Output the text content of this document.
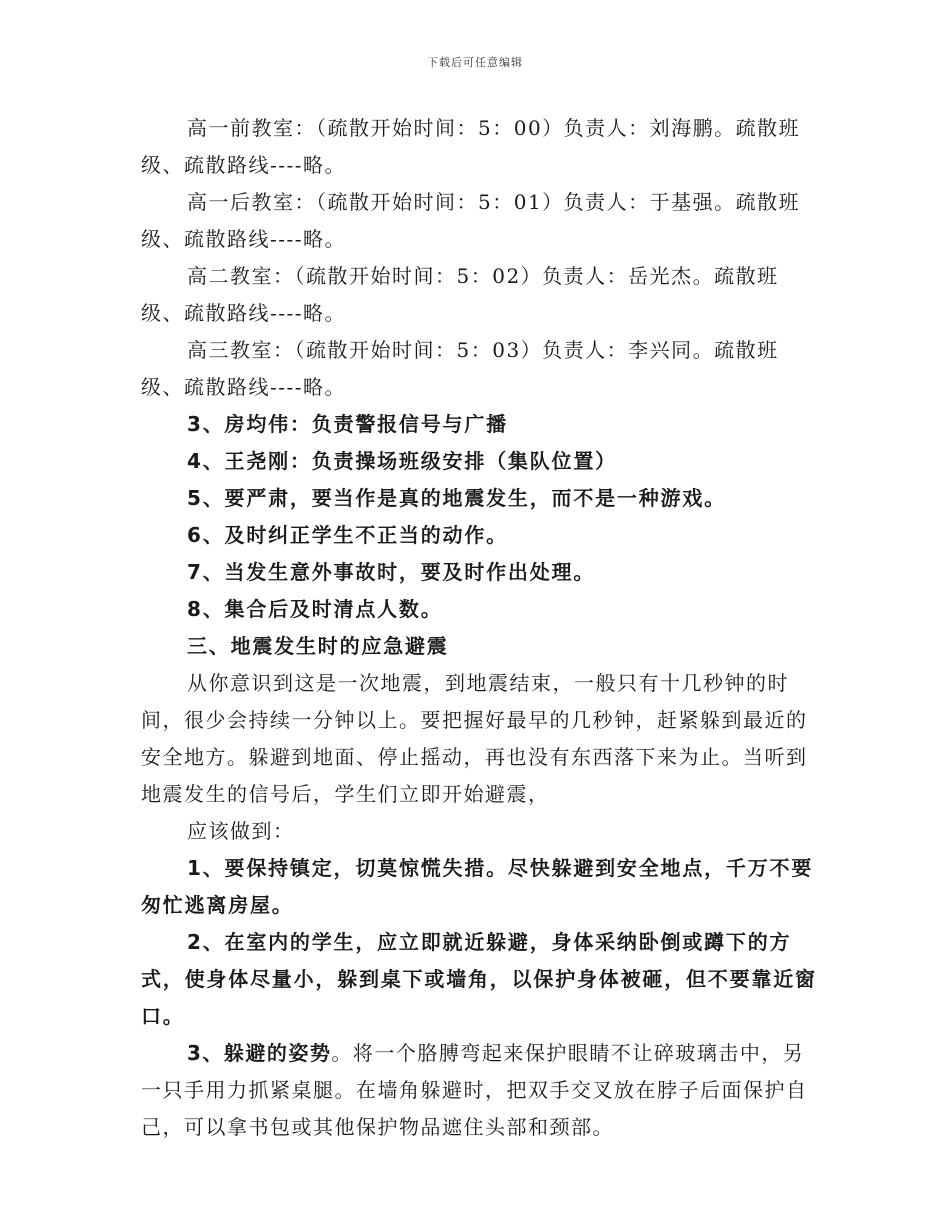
下载后可任意编辑

高一前教室：（疏散开始时间：5：00）负责人：刘海鹏。疏散班级、疏散路线----略。

高一后教室：（疏散开始时间：5：01）负责人：于基强。疏散班级、疏散路线----略。

高二教室：（疏散开始时间：5：02）负责人：岳光杰。疏散班级、疏散路线----略。

高三教室：（疏散开始时间：5：03）负责人：李兴同。疏散班级、疏散路线----略。

3、房均伟：负责警报信号与广播

4、王尧刚：负责操场班级安排（集队位置）

5、要严肃，要当作是真的地震发生，而不是一种游戏。

6、及时纠正学生不正当的动作。

7、当发生意外事故时，要及时作出处理。

8、集合后及时清点人数。

三、地震发生时的应急避震

从你意识到这是一次地震，到地震结束，一般只有十几秒钟的时间，很少会持续一分钟以上。要把握好最早的几秒钟，赶紧躲到最近的安全地方。躲避到地面、停止摇动，再也没有东西落下来为止。当听到地震发生的信号后，学生们立即开始避震，

应该做到：

1、要保持镇定，切莫惊慌失措。尽快躲避到安全地点，千万不要匆忙逃离房屋。

2、在室内的学生，应立即就近躲避，身体采纳卧倒或蹲下的方式，使身体尽量小，躲到桌下或墙角，以保护身体被砸，但不要靠近窗口。

3、躲避的姿势。将一个胳膊弯起来保护眼睛不让碎玻璃击中，另一只手用力抓紧桌腿。在墙角躲避时，把双手交叉放在脖子后面保护自己，可以拿书包或其他保护物品遮住头部和颈部。
